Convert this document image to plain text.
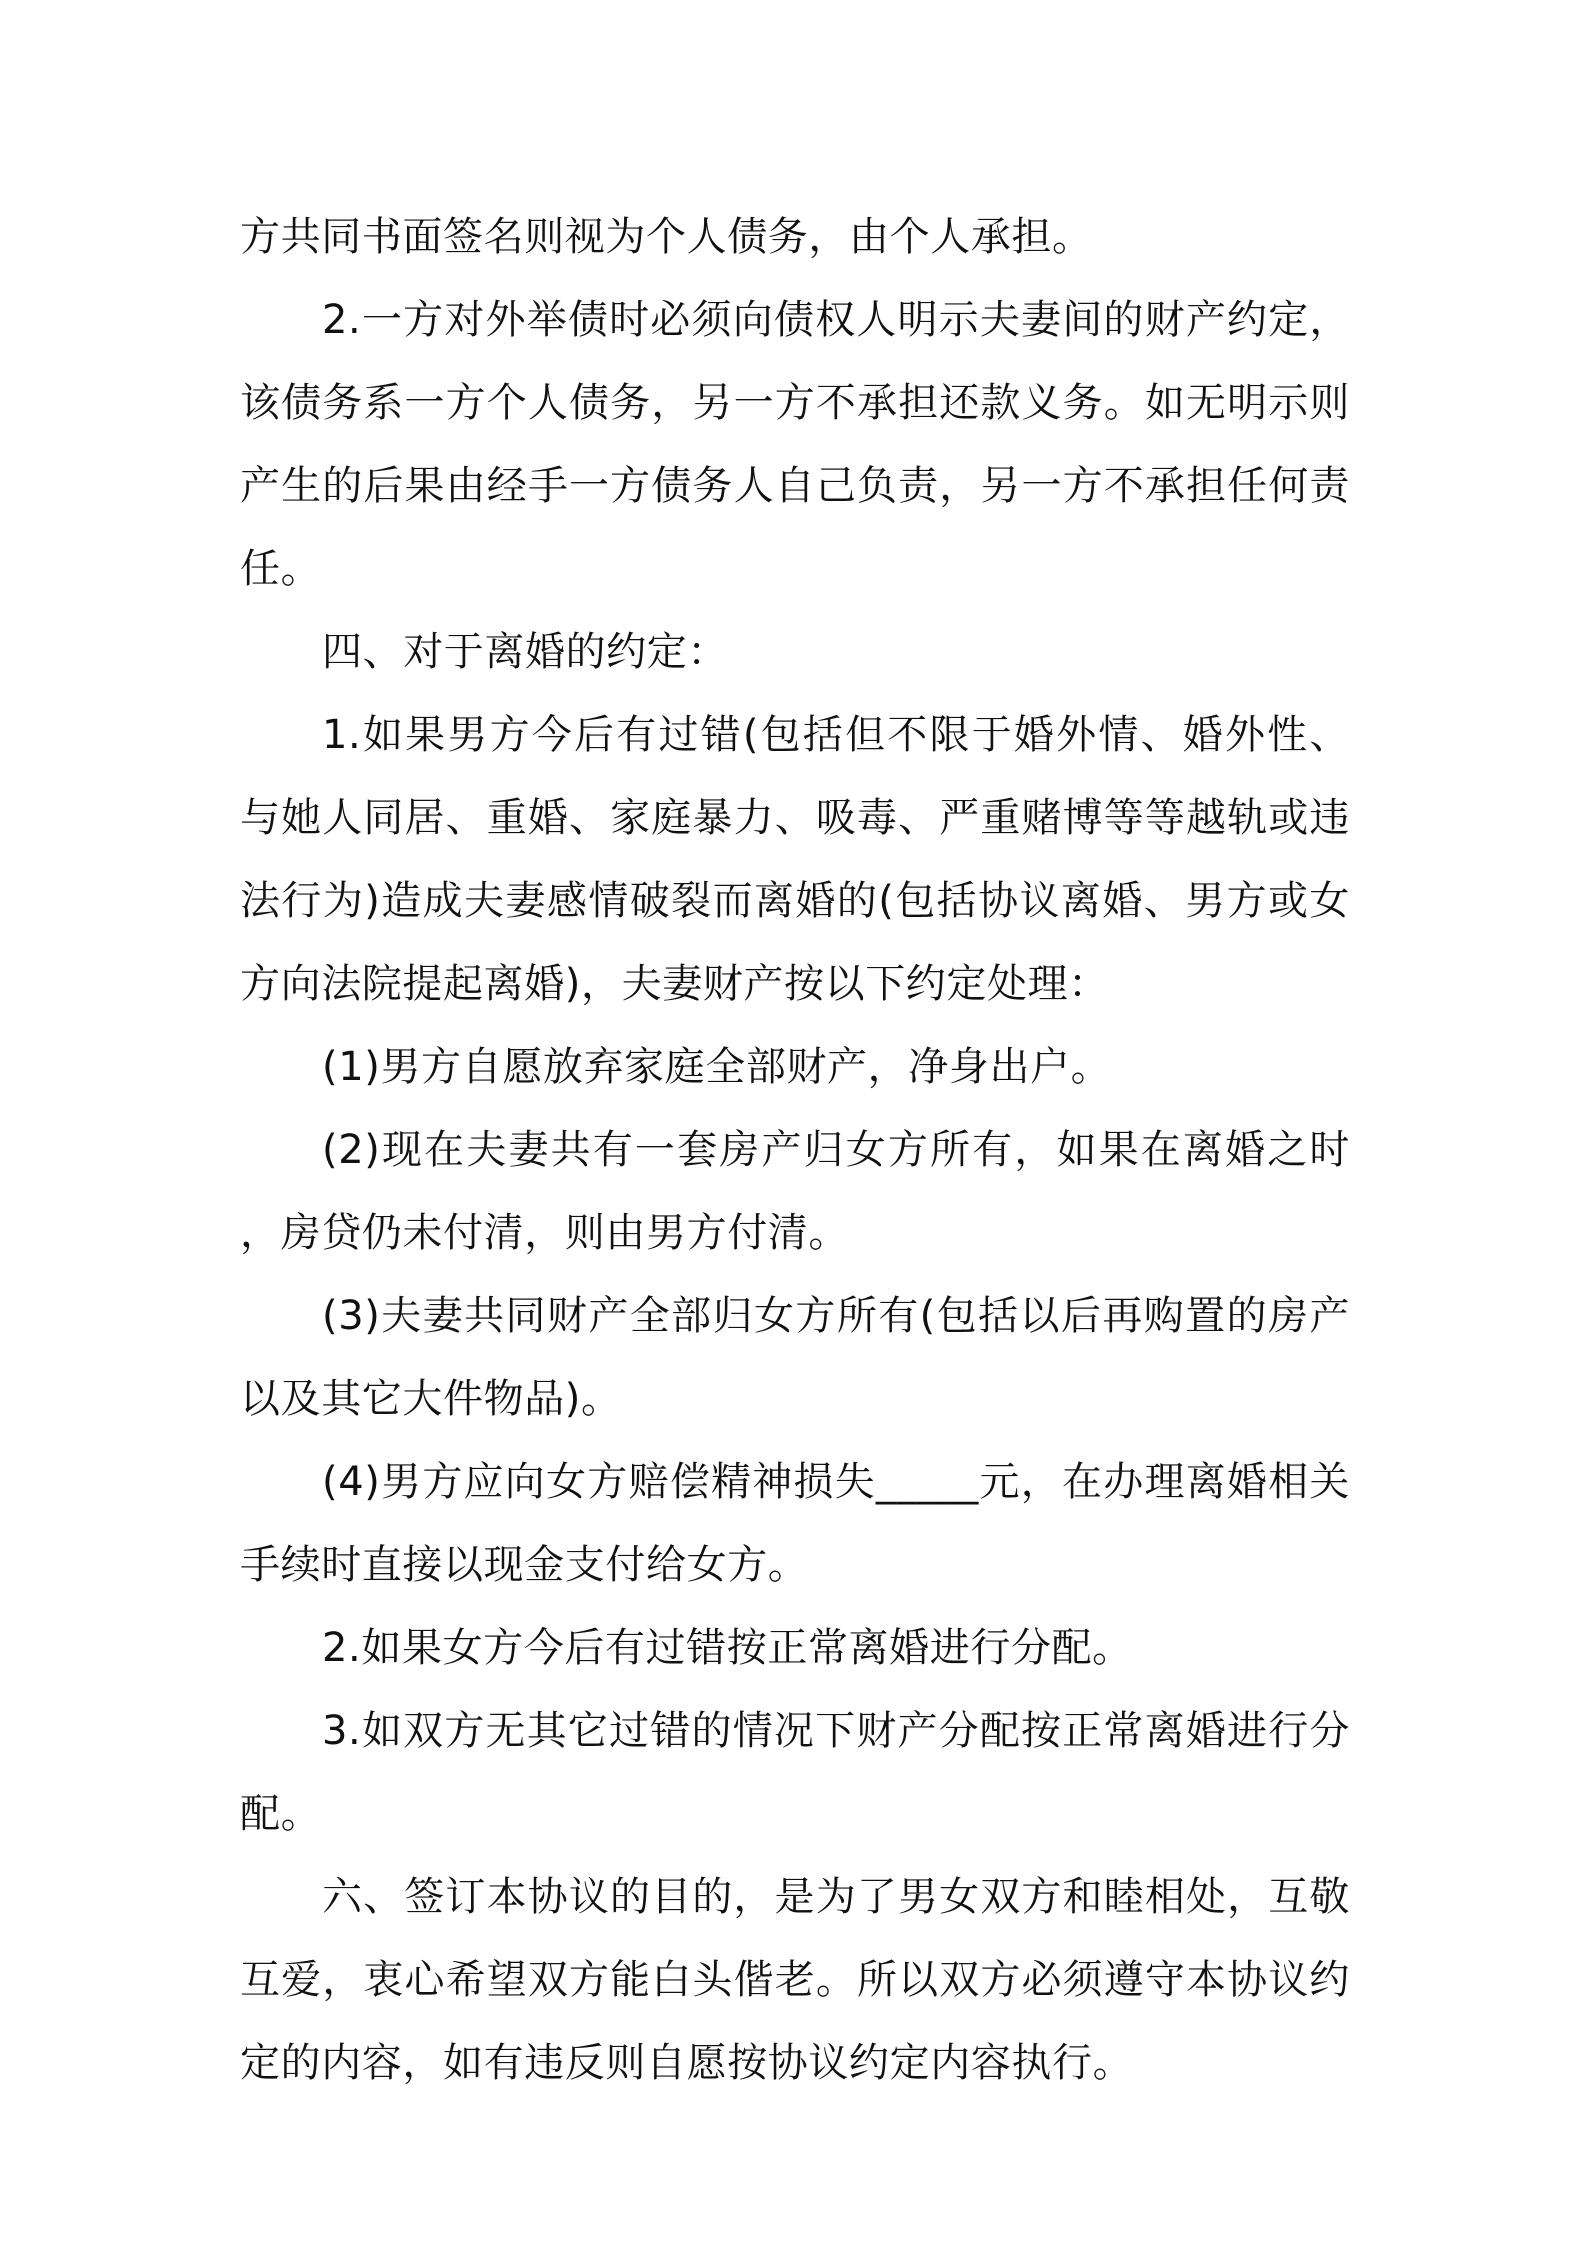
方共同书面签名则视为个人债务，由个人承担。

2.一方对外举债时必须向债权人明示夫妻间的财产约定，该债务系一方个人债务，另一方不承担还款义务。如无明示则产生的后果由经手一方债务人自己负责，另一方不承担任何责任。

四、对于离婚的约定：

1.如果男方今后有过错(包括但不限于婚外情、婚外性、与她人同居、重婚、家庭暴力、吸毒、严重赌博等等越轨或违法行为)造成夫妻感情破裂而离婚的(包括协议离婚、男方或女方向法院提起离婚)，夫妻财产按以下约定处理：

(1)男方自愿放弃家庭全部财产，净身出户。

(2)现在夫妻共有一套房产归女方所有，如果在离婚之时，房贷仍未付清，则由男方付清。

(3)夫妻共同财产全部归女方所有(包括以后再购置的房产以及其它大件物品)。

(4)男方应向女方赔偿精神损失_____元，在办理离婚相关手续时直接以现金支付给女方。

2.如果女方今后有过错按正常离婚进行分配。

3.如双方无其它过错的情况下财产分配按正常离婚进行分配。

六、签订本协议的目的，是为了男女双方和睦相处，互敬互爱，衷心希望双方能白头偕老。所以双方必须遵守本协议约定的内容，如有违反则自愿按协议约定内容执行。
